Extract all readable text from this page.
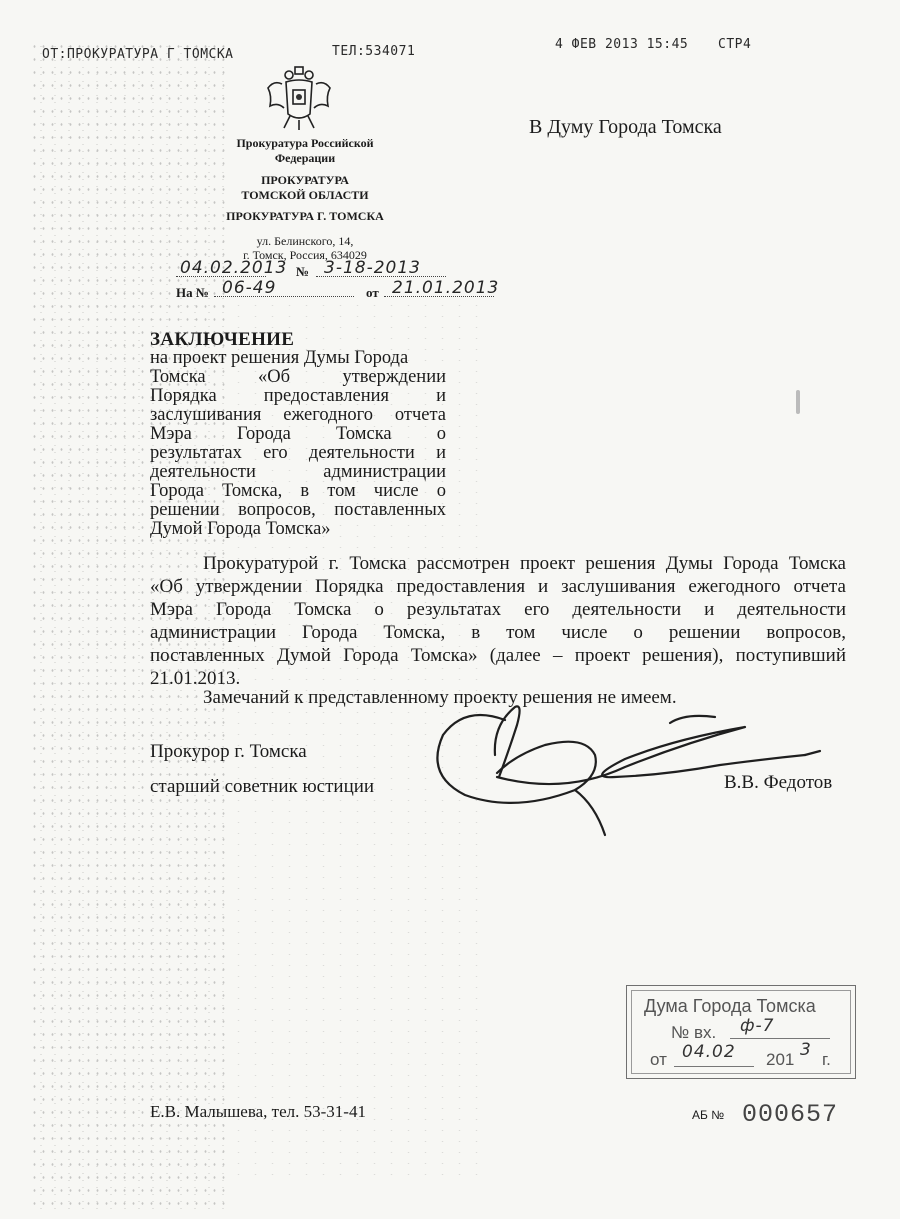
ОТ:ПРОКУРАТУРА Г ТОМСКА	ТЕЛ:534071	4 ФЕВ 2013 15:45 СТР4
Прокуратура Российской
Федерации
ПРОКУРАТУРА
ТОМСКОЙ ОБЛАСТИ
ПРОКУРАТУРА Г. ТОМСКА
ул. Белинского, 14,
г. Томск, Россия, 634029
04.02.2013 № 3-18-2013
На № 06-49	от 21.01.2013
В Думу Города Томска
ЗАКЛЮЧЕНИЕ
на проект решения Думы Города
Томска «Об утверждении
Порядка предоставления и
заслушивания ежегодного отчета
Мэра Города Томска о
результатах его деятельности и
деятельности администрации
Города Томска, в том числе о
решении вопросов, поставленных
Думой Города Томска»
Прокуратурой г. Томска рассмотрен проект решения Думы Города Томска
«Об утверждении Порядка предоставления и заслушивания ежегодного отчета
Мэра Города Томска о результатах его деятельности и деятельности
администрации Города Томска, в том числе о решении вопросов,
поставленных Думой Города Томска» (далее – проект решения), поступивший
21.01.2013.
Замечаний к представленному проекту решения не имеем.
Прокурор г. Томска
старший советник юстиции	В.В. Федотов
Дума Города Томска
№ вх. ф-7
от 04.02 201 3 г.
Е.В. Малышева, тел. 53-31-41	АБ № 000657
